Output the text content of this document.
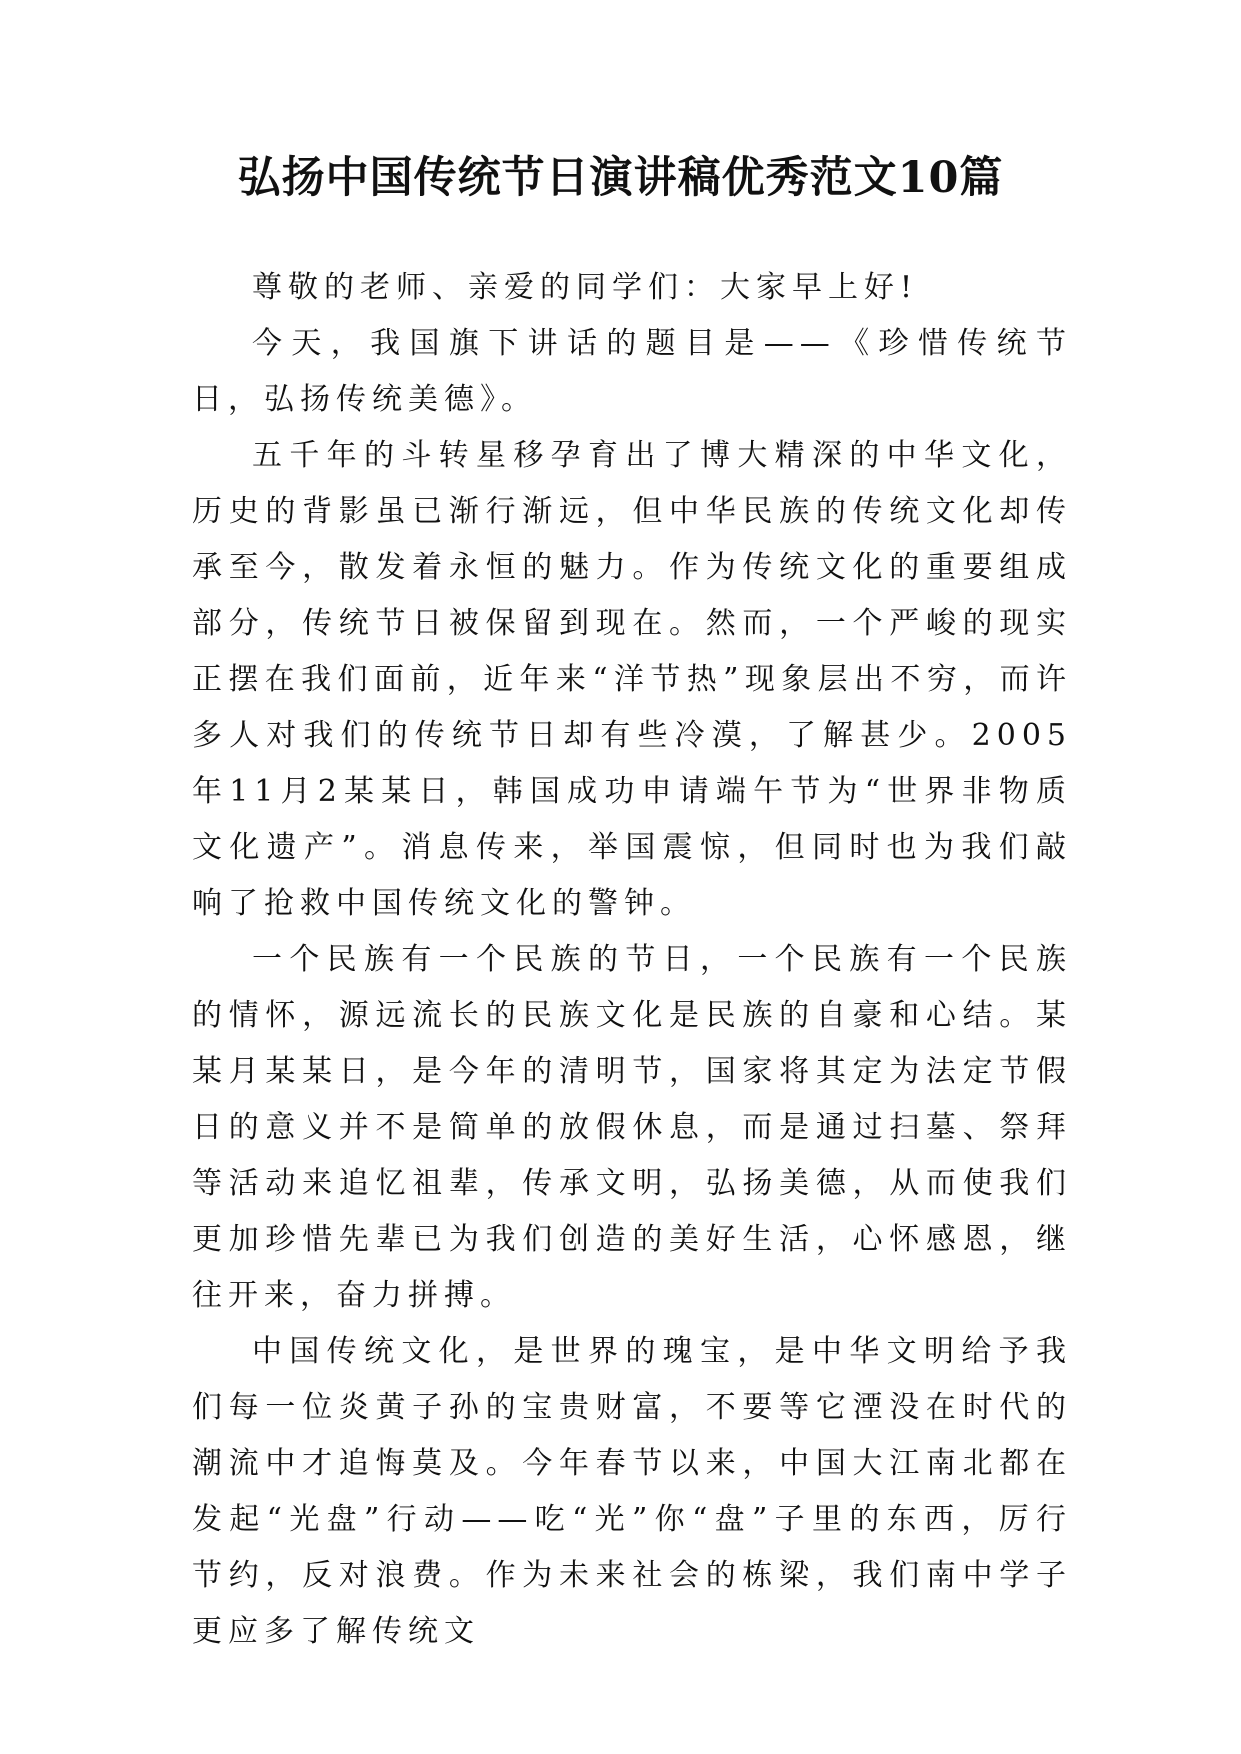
弘扬中国传统节日演讲稿优秀范文10篇

尊敬的老师、亲爱的同学们：大家早上好!

今天，我国旗下讲话的题目是——《珍惜传统节日，弘扬传统美德》。

五千年的斗转星移孕育出了博大精深的中华文化，历史的背影虽已渐行渐远，但中华民族的传统文化却传承至今，散发着永恒的魅力。作为传统文化的重要组成部分，传统节日被保留到现在。然而，一个严峻的现实正摆在我们面前，近年来“洋节热”现象层出不穷，而许多人对我们的传统节日却有些冷漠，了解甚少。2005年11月2某某日，韩国成功申请端午节为“世界非物质文化遗产”。消息传来，举国震惊，但同时也为我们敲响了抢救中国传统文化的警钟。

一个民族有一个民族的节日，一个民族有一个民族的情怀，源远流长的民族文化是民族的自豪和心结。某某月某某日，是今年的清明节，国家将其定为法定节假日的意义并不是简单的放假休息，而是通过扫墓、祭拜等活动来追忆祖辈，传承文明，弘扬美德，从而使我们更加珍惜先辈已为我们创造的美好生活，心怀感恩，继往开来，奋力拼搏。

中国传统文化，是世界的瑰宝，是中华文明给予我们每一位炎黄子孙的宝贵财富，不要等它湮没在时代的潮流中才追悔莫及。今年春节以来，中国大江南北都在发起“光盘”行动——吃“光”你“盘”子里的东西，厉行节约，反对浪费。作为未来社会的栋梁，我们南中学子更应多了解传统文
